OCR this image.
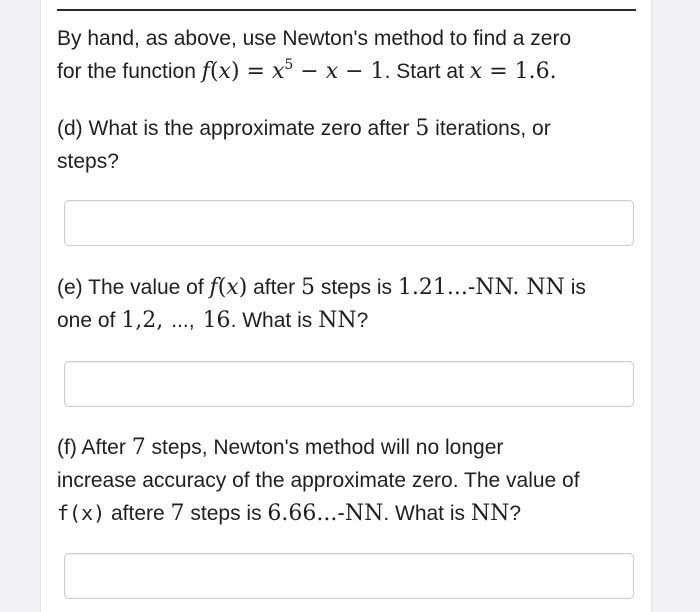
By hand, as above, use Newton's method to find a zero
for the function $f(x) = x^5 - x - 1$. Start at x = 1.6.

(d) What is the approximate zero after 5 iterations, or
steps?

(e) The value of f(x) after 5 steps is 1.21...-NN. NN is
one of 1,2, ..., 16. What is NN?

(f) After 7 steps, Newton's method will no longer
increase accuracy of the approximate zero. The value of
f(x) aftere 7 steps is 6.66...-NN. What is NN?
